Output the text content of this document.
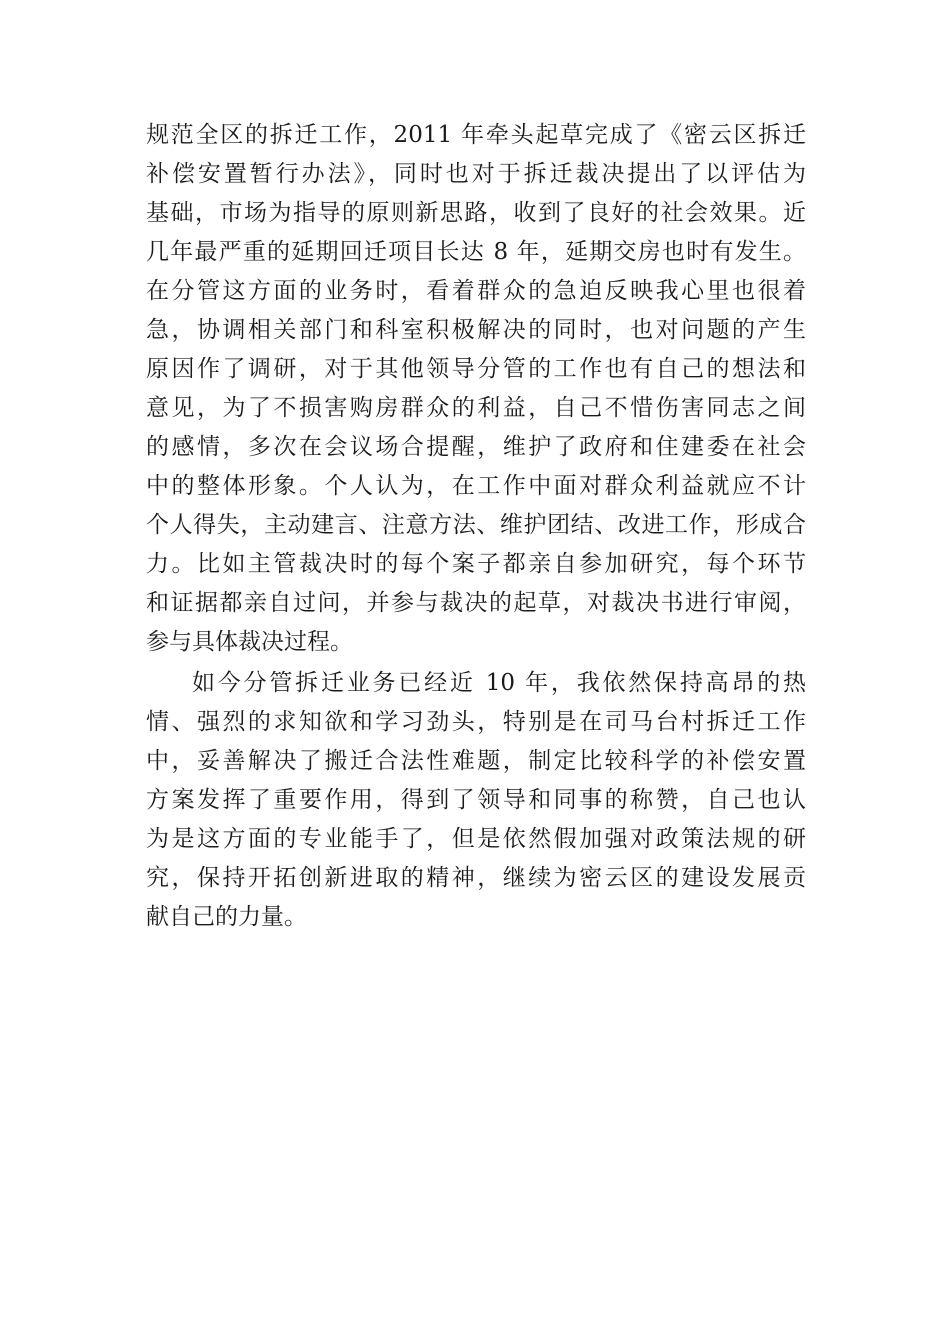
规范全区的拆迁工作，2011 年牵头起草完成了《密云区拆迁
补偿安置暂行办法》，同时也对于拆迁裁决提出了以评估为
基础，市场为指导的原则新思路，收到了良好的社会效果。近
几年最严重的延期回迁项目长达 8 年，延期交房也时有发生。
在分管这方面的业务时，看着群众的急迫反映我心里也很着
急，协调相关部门和科室积极解决的同时，也对问题的产生
原因作了调研，对于其他领导分管的工作也有自己的想法和
意见，为了不损害购房群众的利益，自己不惜伤害同志之间
的感情，多次在会议场合提醒，维护了政府和住建委在社会
中的整体形象。个人认为，在工作中面对群众利益就应不计
个人得失，主动建言、注意方法、维护团结、改进工作，形成合
力。比如主管裁决时的每个案子都亲自参加研究，每个环节
和证据都亲自过问，并参与裁决的起草，对裁决书进行审阅，
参与具体裁决过程。
如今分管拆迁业务已经近 10 年，我依然保持高昂的热
情、强烈的求知欲和学习劲头，特别是在司马台村拆迁工作
中，妥善解决了搬迁合法性难题，制定比较科学的补偿安置
方案发挥了重要作用，得到了领导和同事的称赞，自己也认
为是这方面的专业能手了，但是依然假加强对政策法规的研
究，保持开拓创新进取的精神，继续为密云区的建设发展贡
献自己的力量。
